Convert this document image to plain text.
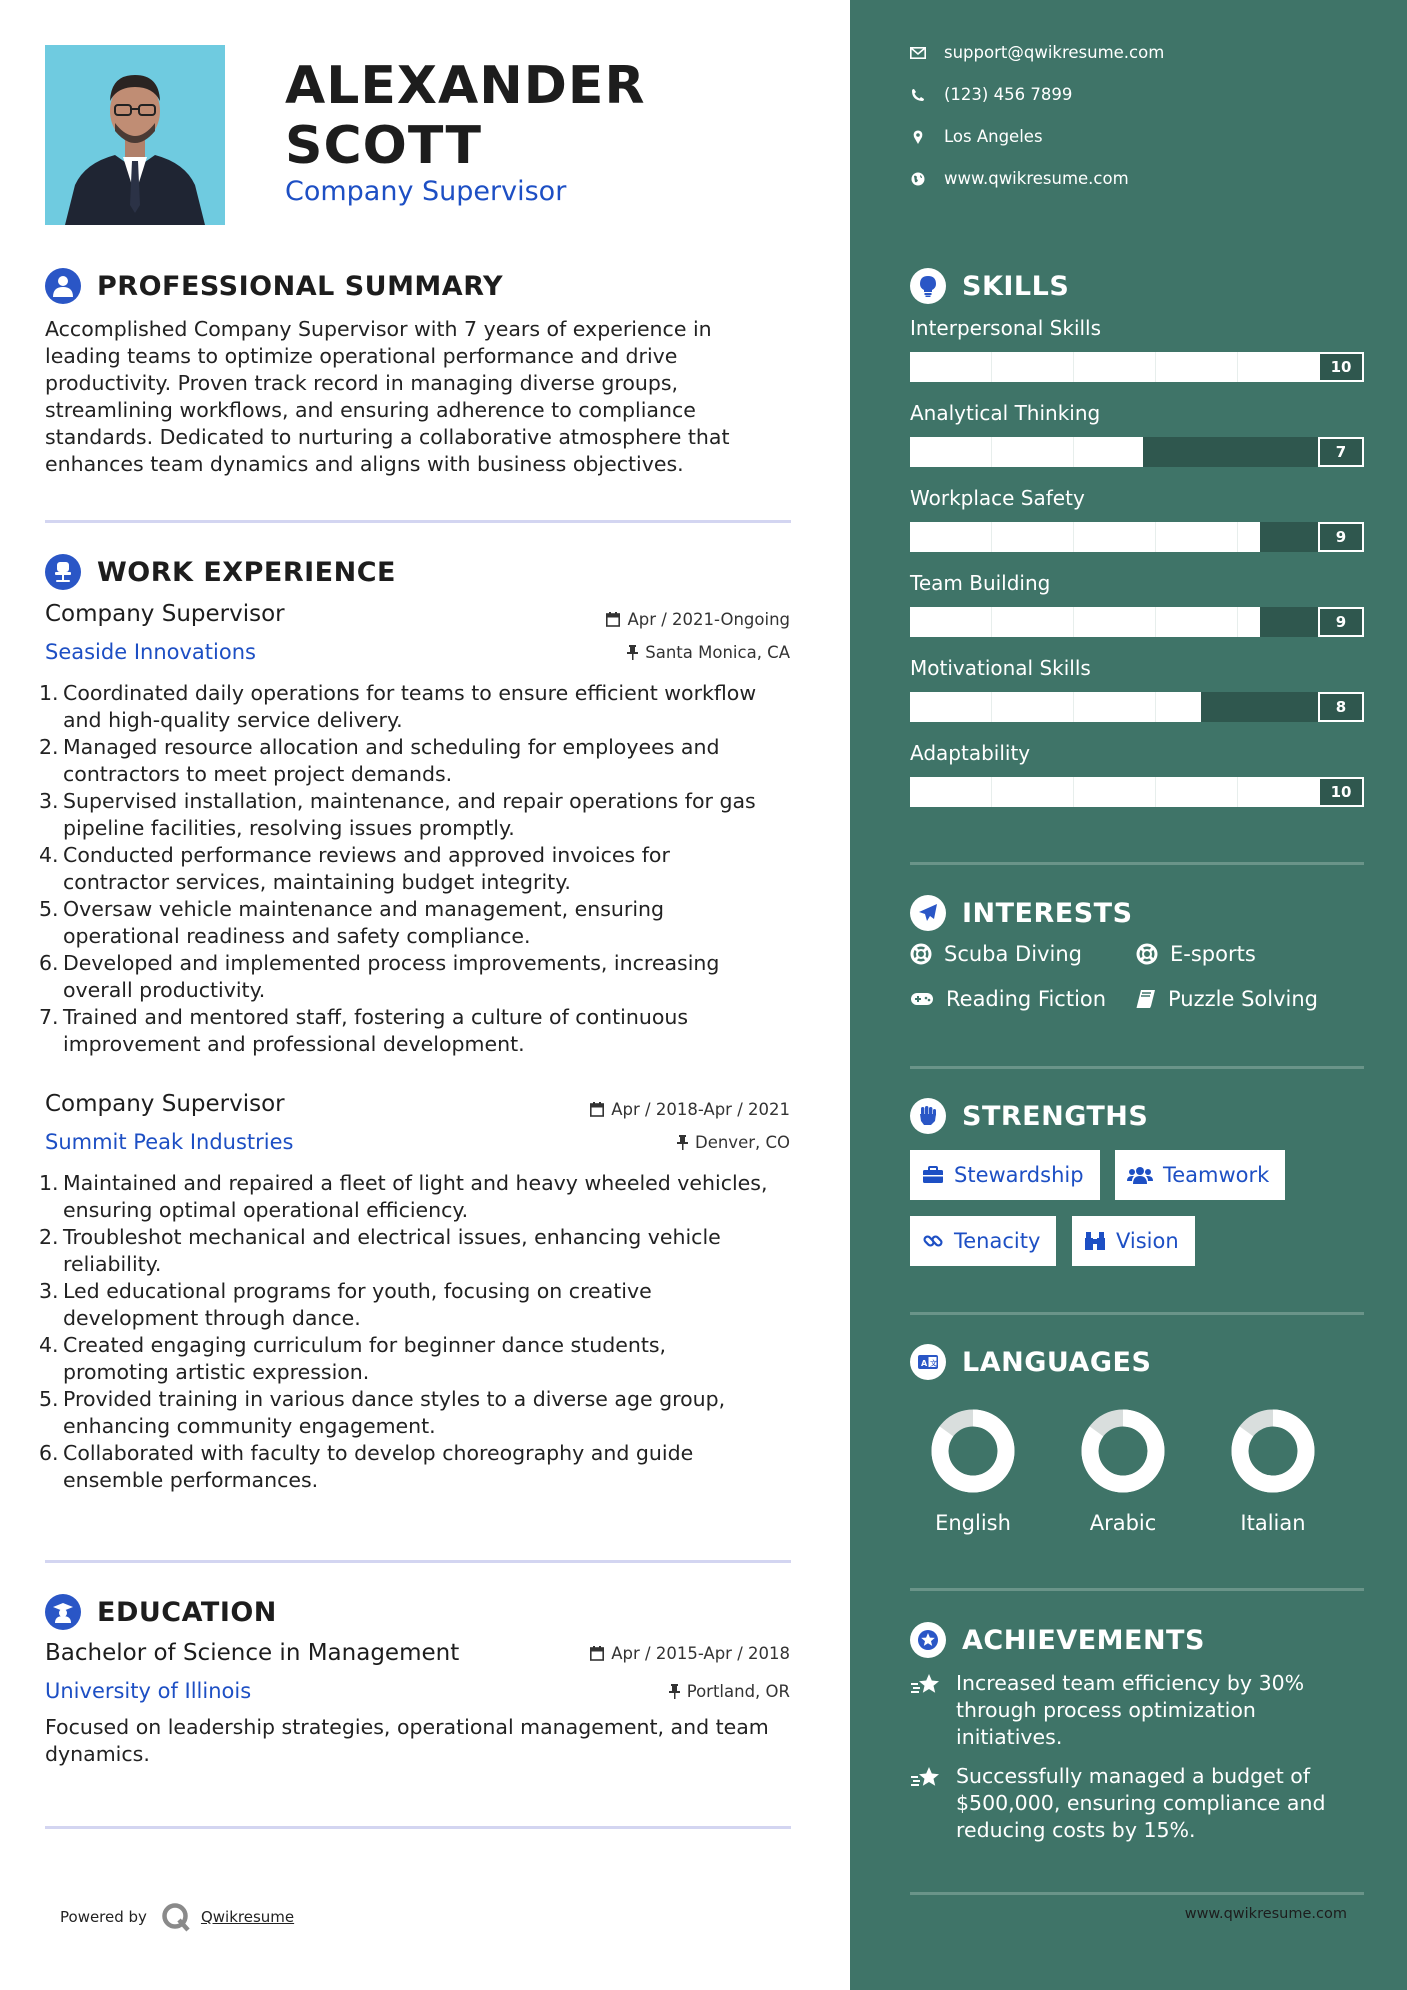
ALEXANDER
SCOTT
Company Supervisor
PROFESSIONAL SUMMARY
Accomplished Company Supervisor with 7 years of experience in
leading teams to optimize operational performance and drive
productivity. Proven track record in managing diverse groups,
streamlining workflows, and ensuring adherence to compliance
standards. Dedicated to nurturing a collaborative atmosphere that
enhances team dynamics and aligns with business objectives.
WORK EXPERIENCE
Company Supervisor	Apr / 2021-Ongoing
Seaside Innovations	Santa Monica, CA
Coordinated daily operations for teams to ensure efficient workflow
and high-quality service delivery.
Managed resource allocation and scheduling for employees and
contractors to meet project demands.
Supervised installation, maintenance, and repair operations for gas
pipeline facilities, resolving issues promptly.
Conducted performance reviews and approved invoices for
contractor services, maintaining budget integrity.
Oversaw vehicle maintenance and management, ensuring
operational readiness and safety compliance.
Developed and implemented process improvements, increasing
overall productivity.
Trained and mentored staff, fostering a culture of continuous
improvement and professional development.
Company Supervisor	Apr / 2018-Apr / 2021
Summit Peak Industries	Denver, CO
Maintained and repaired a fleet of light and heavy wheeled vehicles,
ensuring optimal operational efficiency.
Troubleshot mechanical and electrical issues, enhancing vehicle
reliability.
Led educational programs for youth, focusing on creative
development through dance.
Created engaging curriculum for beginner dance students,
promoting artistic expression.
Provided training in various dance styles to a diverse age group,
enhancing community engagement.
Collaborated with faculty to develop choreography and guide
ensemble performances.
EDUCATION
Bachelor of Science in Management	Apr / 2015-Apr / 2018
University of Illinois	Portland, OR
Focused on leadership strategies, operational management, and team
dynamics.
Powered by	Qwikresume
support@qwikresume.com
(123) 456 7899
Los Angeles
www.qwikresume.com
SKILLS
Interpersonal Skills
10
Analytical Thinking
7
Workplace Safety
9
Team Building
9
Motivational Skills
8
Adaptability
10
INTERESTS
Scuba Diving	E-sports
Reading Fiction	Puzzle Solving
STRENGTHS
Stewardship	Teamwork
Tenacity	Vision
A 文 LANGUAGES
English	Arabic	Italian
ACHIEVEMENTS
Increased team efficiency by 30%
through process optimization
initiatives.
Successfully managed a budget of
$500,000, ensuring compliance and
reducing costs by 15%.
www.qwikresume.com
